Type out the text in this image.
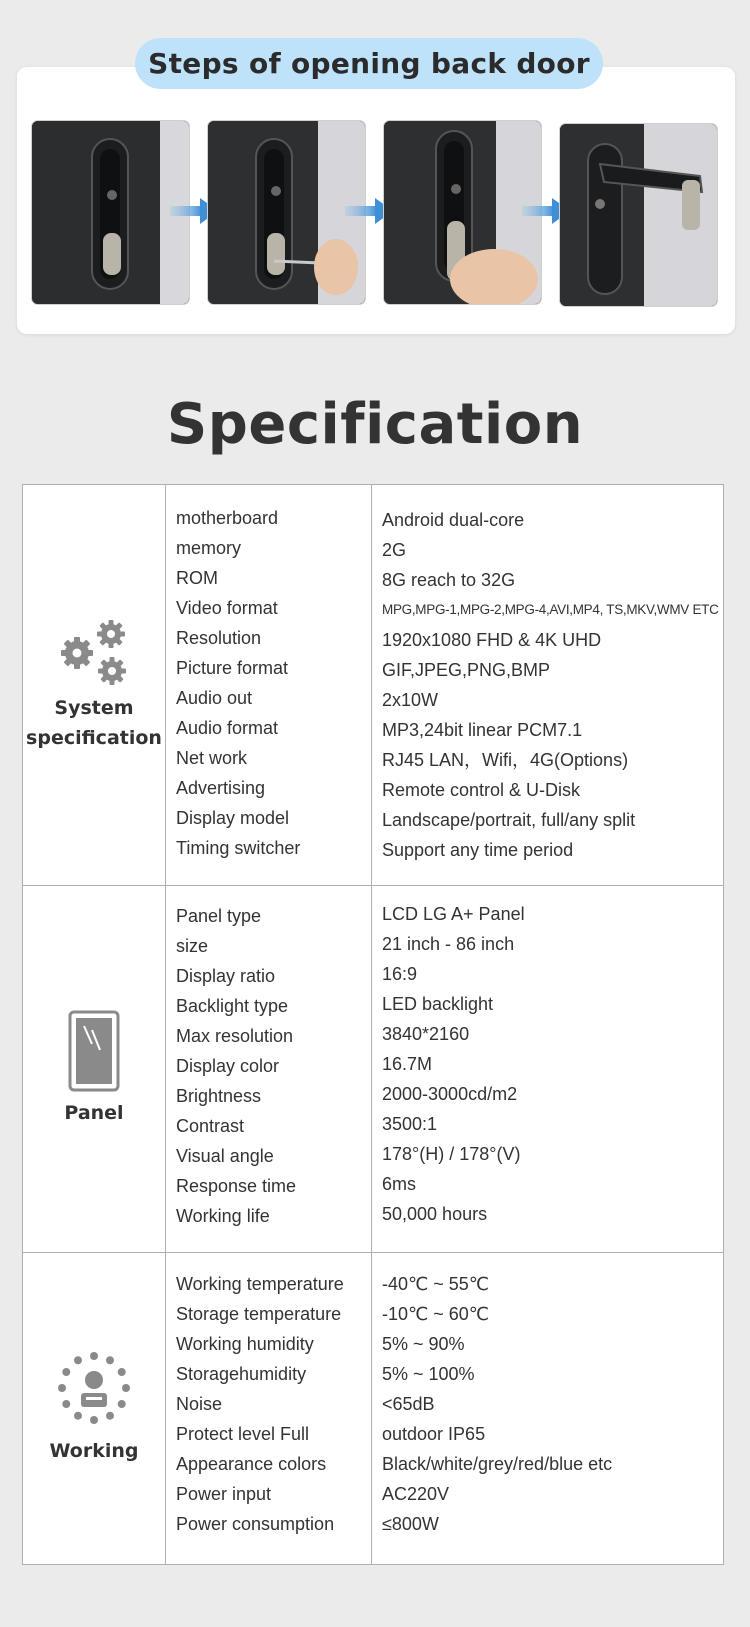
Steps of opening back door
Specification
System
specification
motherboard
memory
ROM
Video format
Resolution
Picture format
Audio out
Audio format
Net work
Advertising
Display model
Timing switcher
Android dual-core
2G
8G reach to 32G
MPG,MPG-1,MPG-2,MPG-4,AVI,MP4, TS,MKV,WMV ETC
1920x1080 FHD & 4K UHD
GIF,JPEG,PNG,BMP
2x10W
MP3,24bit linear PCM7.1
RJ45 LAN，Wifi，4G(Options)
Remote control & U-Disk
Landscape/portrait, full/any split
Support any time period
Panel
Panel type
size
Display ratio
Backlight type
Max resolution
Display color
Brightness
Contrast
Visual angle
Response time
Working life
LCD LG A+ Panel
21 inch - 86 inch
16:9
LED backlight
3840*2160
16.7M
2000-3000cd/m2
3500:1
178°(H) / 178°(V)
6ms
50,000 hours
Working
Working temperature
Storage temperature
Working humidity
Storagehumidity
Noise
Protect level Full
Appearance colors
Power input
Power consumption
-40℃ ~ 55℃
-10℃ ~ 60℃
5% ~ 90%
5% ~ 100%
<65dB
outdoor IP65
Black/white/grey/red/blue etc
AC220V
≤800W
